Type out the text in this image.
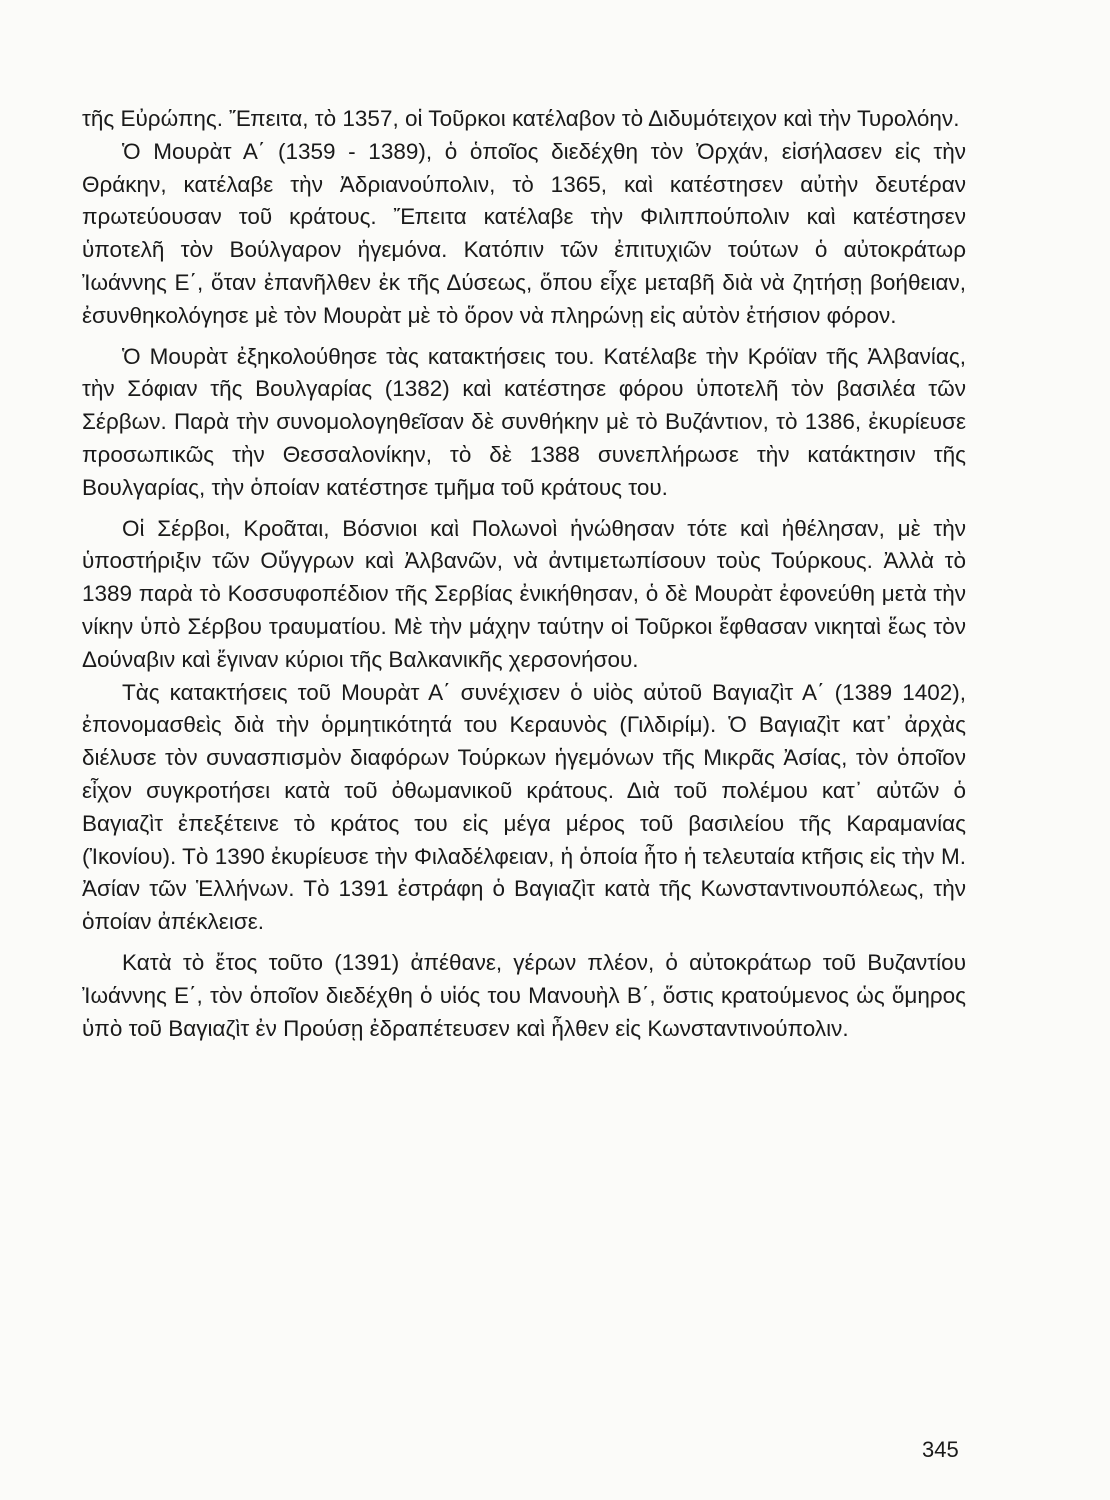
τῆς Εὐρώπης. Ἔπειτα, τὸ 1357, οἱ Τοῦρκοι κατέλαβον τὸ Διδυμότειχον καὶ τὴν Τυρολόην.

Ὁ Μουρὰτ Α΄ (1359 - 1389), ὁ ὁποῖος διεδέχθη τὸν Ὀρχάν, εἰσήλασεν εἰς τὴν Θράκην, κατέλαβε τὴν Ἀδριανούπολιν, τὸ 1365, καὶ κατέστησεν αὐτὴν δευτέραν πρωτεύουσαν τοῦ κράτους. Ἔπειτα κατέλαβε τὴν Φιλιππούπολιν καὶ κατέστησεν ὑποτελῆ τὸν Βούλγαρον ἡγεμόνα. Κατόπιν τῶν ἐπιτυχιῶν τούτων ὁ αὐτοκράτωρ Ἰωάννης Ε΄, ὅταν ἐπανῆλθεν ἐκ τῆς Δύσεως, ὅπου εἶχε μεταβῆ διὰ νὰ ζητήσῃ βοήθειαν, ἐσυνθηκολόγησε μὲ τὸν Μουρὰτ μὲ τὸ ὅρον νὰ πληρώνῃ εἰς αὐτὸν ἐτήσιον φόρον.

Ὁ Μουρὰτ ἐξηκολούθησε τὰς κατακτήσεις του. Κατέλαβε τὴν Κρόϊαν τῆς Ἀλβανίας, τὴν Σόφιαν τῆς Βουλγαρίας (1382) καὶ κατέστησε φόρου ὑποτελῆ τὸν βασιλέα τῶν Σέρβων. Παρὰ τὴν συνομολογηθεῖσαν δὲ συνθήκην μὲ τὸ Βυζάντιον, τὸ 1386, ἐκυρίευσε προσωπικῶς τὴν Θεσσαλονίκην, τὸ δὲ 1388 συνεπλήρωσε τὴν κατάκτησιν τῆς Βουλγαρίας, τὴν ὁποίαν κατέστησε τμῆμα τοῦ κράτους του.

Οἱ Σέρβοι, Κροᾶται, Βόσνιοι καὶ Πολωνοὶ ἡνώθησαν τότε καὶ ἠθέλησαν, μὲ τὴν ὑποστήριξιν τῶν Οὔγγρων καὶ Ἀλβανῶν, νὰ ἀντιμετωπίσουν τοὺς Τούρκους. Ἀλλὰ τὸ 1389 παρὰ τὸ Κοσσυφοπέδιον τῆς Σερβίας ἐνικήθησαν, ὁ δὲ Μουρὰτ ἐφονεύθη μετὰ τὴν νίκην ὑπὸ Σέρβου τραυματίου. Μὲ τὴν μάχην ταύτην οἱ Τοῦρκοι ἔφθασαν νικηταὶ ἕως τὸν Δούναβιν καὶ ἔγιναν κύριοι τῆς Βαλκανικῆς χερσονήσου.

Τὰς κατακτήσεις τοῦ Μουρὰτ Α΄ συνέχισεν ὁ υἱὸς αὐτοῦ Βαγιαζὶτ Α΄ (1389 1402), ἐπονομασθεὶς διὰ τὴν ὁρμητικότητά του Κεραυνὸς (Γιλδιρίμ). Ὁ Βαγιαζὶτ κατ᾽ ἀρχὰς διέλυσε τὸν συνασπισμὸν διαφόρων Τούρκων ἡγεμόνων τῆς Μικρᾶς Ἀσίας, τὸν ὁποῖον εἶχον συγκροτήσει κατὰ τοῦ ὀθωμανικοῦ κράτους. Διὰ τοῦ πολέμου κατ᾽ αὐτῶν ὁ Βαγιαζὶτ ἐπεξέτεινε τὸ κράτος του εἰς μέγα μέρος τοῦ βασιλείου τῆς Καραμανίας (Ἰκονίου). Τὸ 1390 ἐκυρίευσε τὴν Φιλαδέλφειαν, ἡ ὁποία ἦτο ἡ τελευταία κτῆσις εἰς τὴν Μ. Ἀσίαν τῶν Ἑλλήνων. Τὸ 1391 ἐστράφη ὁ Βαγιαζὶτ κατὰ τῆς Κωνσταντινουπόλεως, τὴν ὁποίαν ἀπέκλεισε.

Κατὰ τὸ ἔτος τοῦτο (1391) ἀπέθανε, γέρων πλέον, ὁ αὐτοκράτωρ τοῦ Βυζαντίου Ἰωάννης Ε΄, τὸν ὁποῖον διεδέχθη ὁ υἱός του Μανουὴλ Β΄, ὅστις κρατούμενος ὡς ὅμηρος ὑπὸ τοῦ Βαγιαζὶτ ἐν Προύσῃ ἐδραπέτευσεν καὶ ἦλθεν εἰς Κωνσταντινούπολιν.

345
